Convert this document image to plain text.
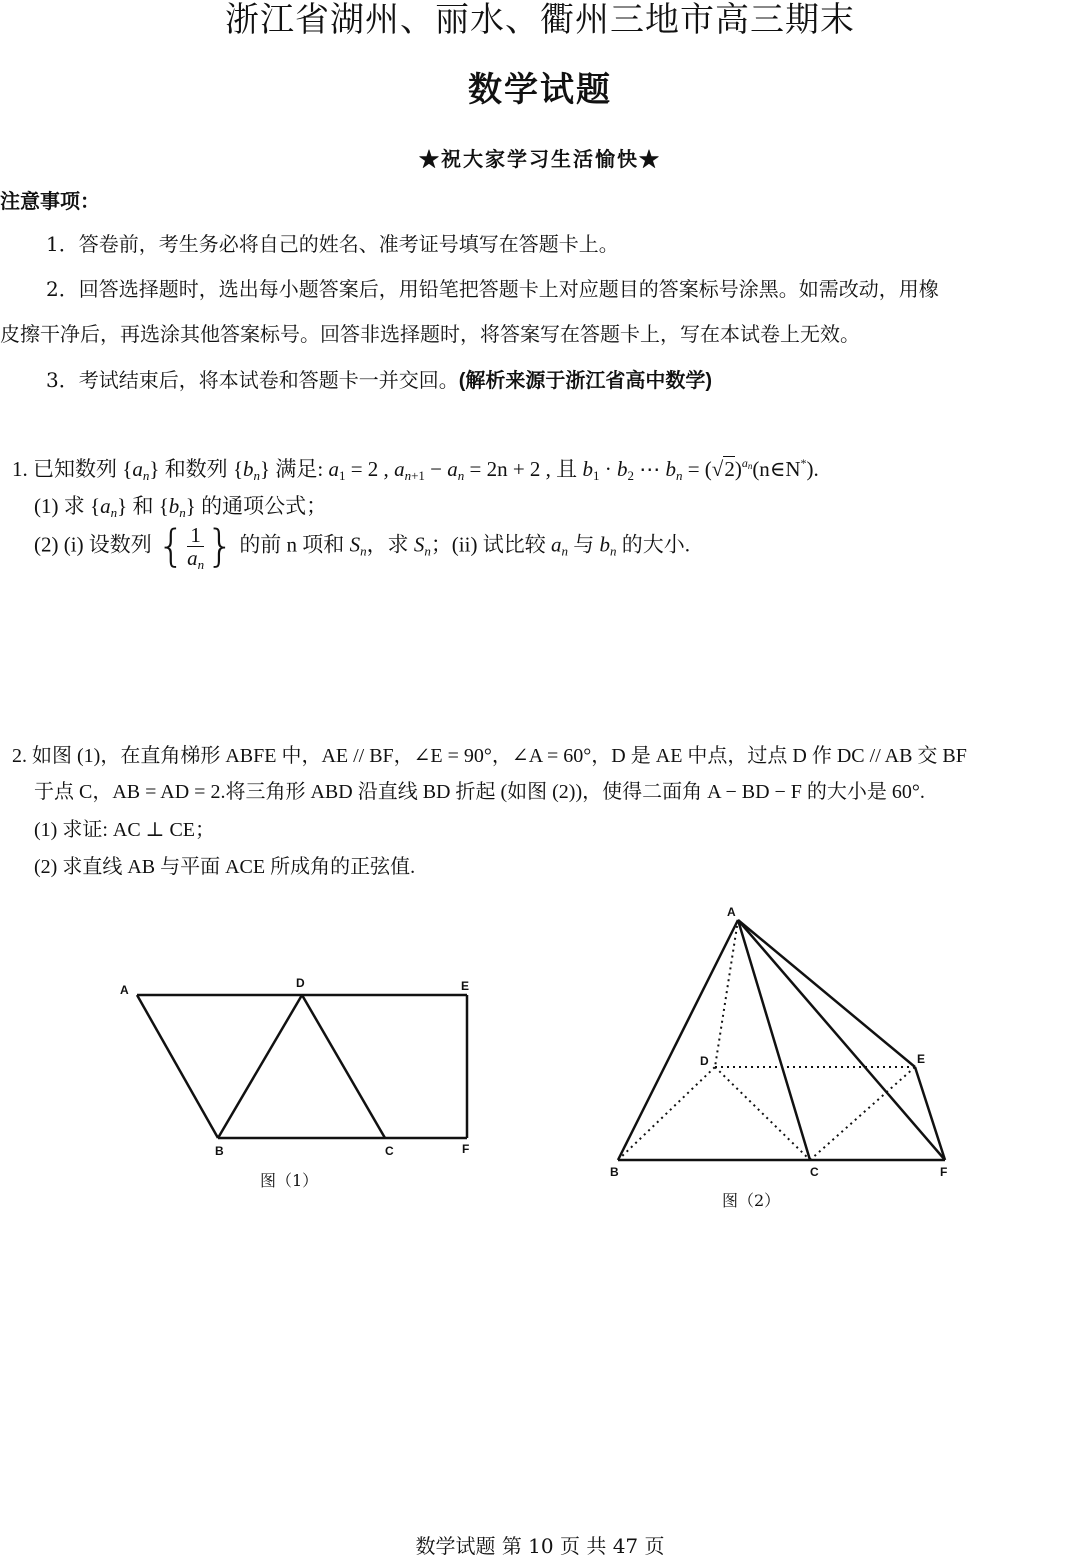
浙江省湖州、丽水、衢州三地市高三期末
数学试题
★祝大家学习生活愉快★
注意事项：
1．答卷前，考生务必将自己的姓名、准考证号填写在答题卡上。
2．回答选择题时，选出每小题答案后，用铅笔把答题卡上对应题目的答案标号涂黑。如需改动，用橡
皮擦干净后，再选涂其他答案标号。回答非选择题时，将答案写在答题卡上，写在本试卷上无效。
3．考试结束后，将本试卷和答题卡一并交回。(解析来源于浙江省高中数学)
1. 已知数列 $\{a_n\}$ 和数列 $\{b_n\}$ 满足: $a_1 = 2$ , $a_{n+1} - a_n = 2n + 2$ , 且 $b_1 \cdot b_2$ ⋯ $b_n$ = $(√2)^{a_n}(n\in N^*)$.
(1) 求 $\{a_n\}$ 和 $\{b_n\}$ 的通项公式；
(2) (i) 设数列 { $\frac{1}{a_n}$ } 的前 n 项和 $S_n$，求 $S_n$；(ii) 试比较 $a_n$ 与 $b_n$ 的大小.
2. 如图 (1)，在直角梯形 ABFE 中，AE // BF，∠E = 90°，∠A = 60°，D 是 AE 中点，过点 D 作 DC // AB 交 BF
于点 C，AB = AD = 2.将三角形 ABD 沿直线 BD 折起 (如图 (2))，使得二面角 A − BD − F 的大小是 60°.
(1) 求证: AC ⊥ CE；
(2) 求直线 AB 与平面 ACE 所成角的正弦值.
A	D	E
B	C	F
图（1）
A
D	E
B	C	F
图（2）
数学试题 第 10 页 共 47 页
